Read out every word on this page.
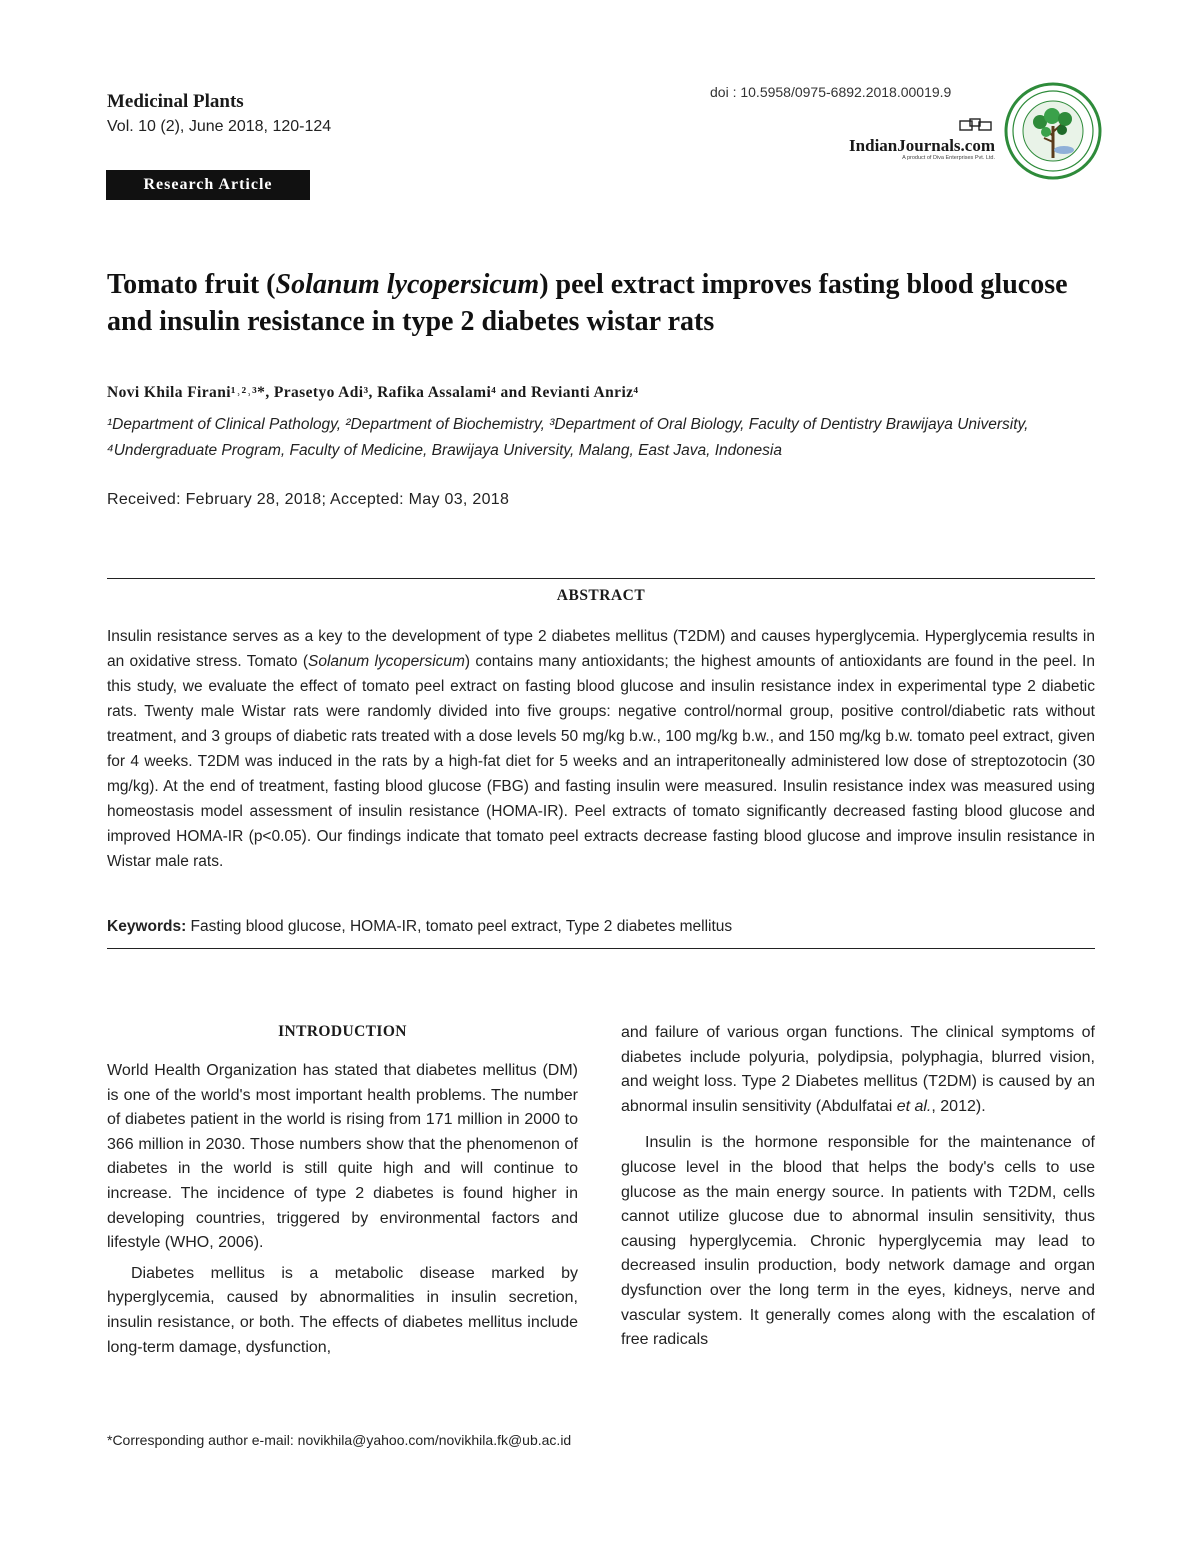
Medicinal Plants
Vol. 10 (2), June 2018, 120-124
Research Article
doi : 10.5958/0975-6892.2018.00019.9
IndianJournals.com
A product of Diva Enterprises Pvt. Ltd.
Tomato fruit (Solanum lycopersicum) peel extract improves fasting blood glucose and insulin resistance in type 2 diabetes wistar rats
Novi Khila Firani¹˒²˒³*, Prasetyo Adi³, Rafika Assalami⁴ and Revianti Anriz⁴
¹Department of Clinical Pathology, ²Department of Biochemistry, ³Department of Oral Biology, Faculty of Dentistry Brawijaya University, ⁴Undergraduate Program, Faculty of Medicine, Brawijaya University, Malang, East Java, Indonesia
Received: February 28, 2018; Accepted: May 03, 2018
ABSTRACT
Insulin resistance serves as a key to the development of type 2 diabetes mellitus (T2DM) and causes hyperglycemia. Hyperglycemia results in an oxidative stress. Tomato (Solanum lycopersicum) contains many antioxidants; the highest amounts of antioxidants are found in the peel. In this study, we evaluate the effect of tomato peel extract on fasting blood glucose and insulin resistance index in experimental type 2 diabetic rats. Twenty male Wistar rats were randomly divided into five groups: negative control/normal group, positive control/diabetic rats without treatment, and 3 groups of diabetic rats treated with a dose levels 50 mg/kg b.w., 100 mg/kg b.w., and 150 mg/kg b.w. tomato peel extract, given for 4 weeks. T2DM was induced in the rats by a high-fat diet for 5 weeks and an intraperitoneally administered low dose of streptozotocin (30 mg/kg). At the end of treatment, fasting blood glucose (FBG) and fasting insulin were measured. Insulin resistance index was measured using homeostasis model assessment of insulin resistance (HOMA-IR). Peel extracts of tomato significantly decreased fasting blood glucose and improved HOMA-IR (p<0.05). Our findings indicate that tomato peel extracts decrease fasting blood glucose and improve insulin resistance in Wistar male rats.
Keywords: Fasting blood glucose, HOMA-IR, tomato peel extract, Type 2 diabetes mellitus
INTRODUCTION

World Health Organization has stated that diabetes mellitus (DM) is one of the world's most important health problems. The number of diabetes patient in the world is rising from 171 million in 2000 to 366 million in 2030. Those numbers show that the phenomenon of diabetes in the world is still quite high and will continue to increase. The incidence of type 2 diabetes is found higher in developing countries, triggered by environmental factors and lifestyle (WHO, 2006).

Diabetes mellitus is a metabolic disease marked by hyperglycemia, caused by abnormalities in insulin secretion, insulin resistance, or both. The effects of diabetes mellitus include long-term damage, dysfunction,

and failure of various organ functions. The clinical symptoms of diabetes include polyuria, polydipsia, polyphagia, blurred vision, and weight loss. Type 2 Diabetes mellitus (T2DM) is caused by an abnormal insulin sensitivity (Abdulfatai et al., 2012).

Insulin is the hormone responsible for the maintenance of glucose level in the blood that helps the body's cells to use glucose as the main energy source. In patients with T2DM, cells cannot utilize glucose due to abnormal insulin sensitivity, thus causing hyperglycemia. Chronic hyperglycemia may lead to decreased insulin production, body network damage and organ dysfunction over the long term in the eyes, kidneys, nerve and vascular system. It generally comes along with the escalation of free radicals

*Corresponding author e-mail: novikhila@yahoo.com/novikhila.fk@ub.ac.id
